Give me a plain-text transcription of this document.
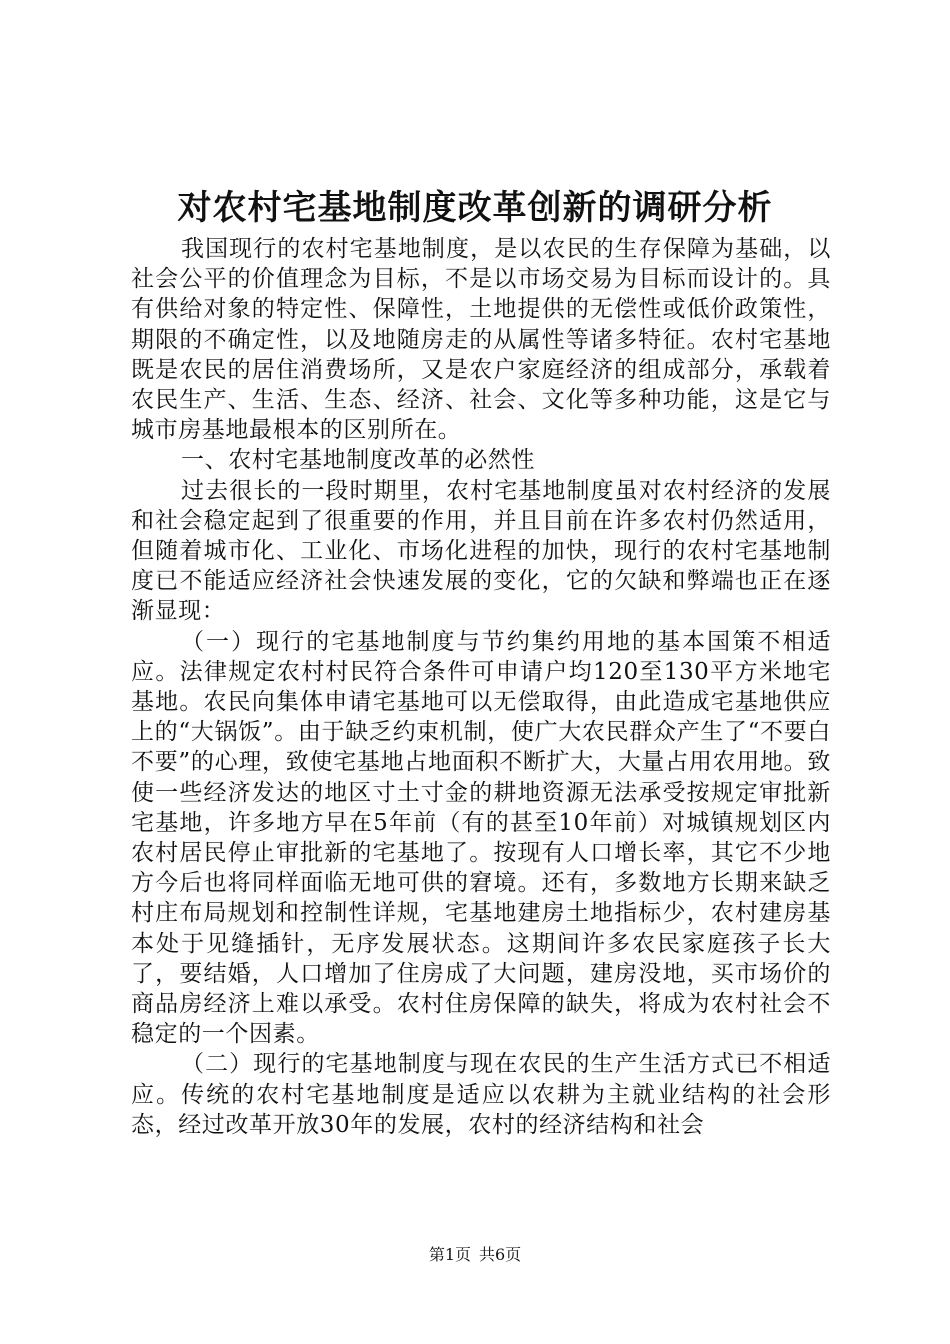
对农村宅基地制度改革创新的调研分析

我国现行的农村宅基地制度，是以农民的生存保障为基础，以社会公平的价值理念为目标，不是以市场交易为目标而设计的。具有供给对象的特定性、保障性，土地提供的无偿性或低价政策性，期限的不确定性，以及地随房走的从属性等诸多特征。农村宅基地既是农民的居住消费场所，又是农户家庭经济的组成部分，承载着农民生产、生活、生态、经济、社会、文化等多种功能，这是它与城市房基地最根本的区别所在。

一、农村宅基地制度改革的必然性

过去很长的一段时期里，农村宅基地制度虽对农村经济的发展和社会稳定起到了很重要的作用，并且目前在许多农村仍然适用，但随着城市化、工业化、市场化进程的加快，现行的农村宅基地制度已不能适应经济社会快速发展的变化，它的欠缺和弊端也正在逐渐显现：

（一）现行的宅基地制度与节约集约用地的基本国策不相适应。法律规定农村村民符合条件可申请户均120至130平方米地宅基地。农民向集体申请宅基地可以无偿取得，由此造成宅基地供应上的“大锅饭”。由于缺乏约束机制，使广大农民群众产生了“不要白不要”的心理，致使宅基地占地面积不断扩大，大量占用农用地。致使一些经济发达的地区寸土寸金的耕地资源无法承受按规定审批新宅基地，许多地方早在5年前（有的甚至10年前）对城镇规划区内农村居民停止审批新的宅基地了。按现有人口增长率，其它不少地方今后也将同样面临无地可供的窘境。还有，多数地方长期来缺乏村庄布局规划和控制性详规，宅基地建房土地指标少，农村建房基本处于见缝插针，无序发展状态。这期间许多农民家庭孩子长大了，要结婚，人口增加了住房成了大问题，建房没地，买市场价的商品房经济上难以承受。农村住房保障的缺失，将成为农村社会不稳定的一个因素。

（二）现行的宅基地制度与现在农民的生产生活方式已不相适应。传统的农村宅基地制度是适应以农耕为主就业结构的社会形态，经过改革开放30年的发展，农村的经济结构和社会

第1页 共6页
